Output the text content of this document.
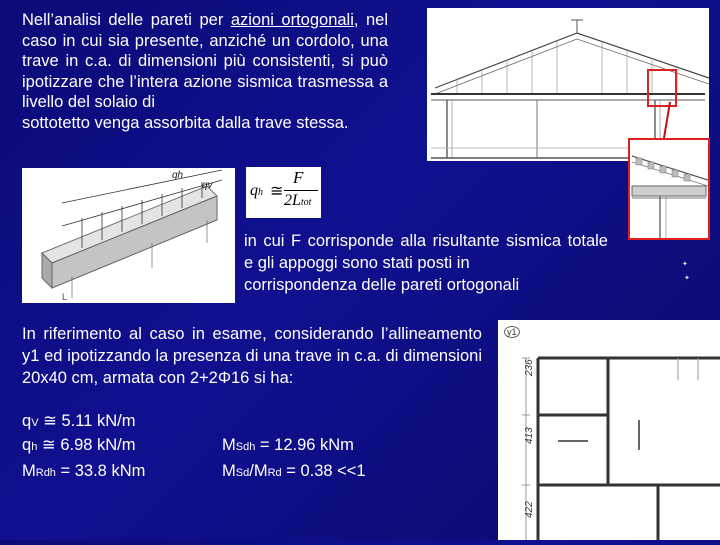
Nell’analisi delle pareti per azioni ortogonali, nel caso in cui sia presente, anziché un cordolo, una trave in c.a. di dimensioni più consistenti, si può ipotizzare che l’intera azione sismica trasmessa a livello del solaio di
sottotetto venga assorbita dalla trave stessa.
L
qh
qv qh ≅
F
2Ltot
in cui F corrisponde alla risultante sismica totale e gli appoggi sono stati posti in
corrispondenza delle pareti ortogonali
✦
✦
In riferimento al caso in esame, considerando l’allineamento y1 ed ipotizzando la presenza di una trave in c.a. di dimensioni 20x40 cm, armata con 2+2Φ16 si ha:
y1
236
413
422
qV ≅ 5.11 kN/m
qh ≅ 6.98 kN/m
MRdh = 33.8 kNm
MSdh = 12.96 kNm
MSd/MRd = 0.38 <<1
